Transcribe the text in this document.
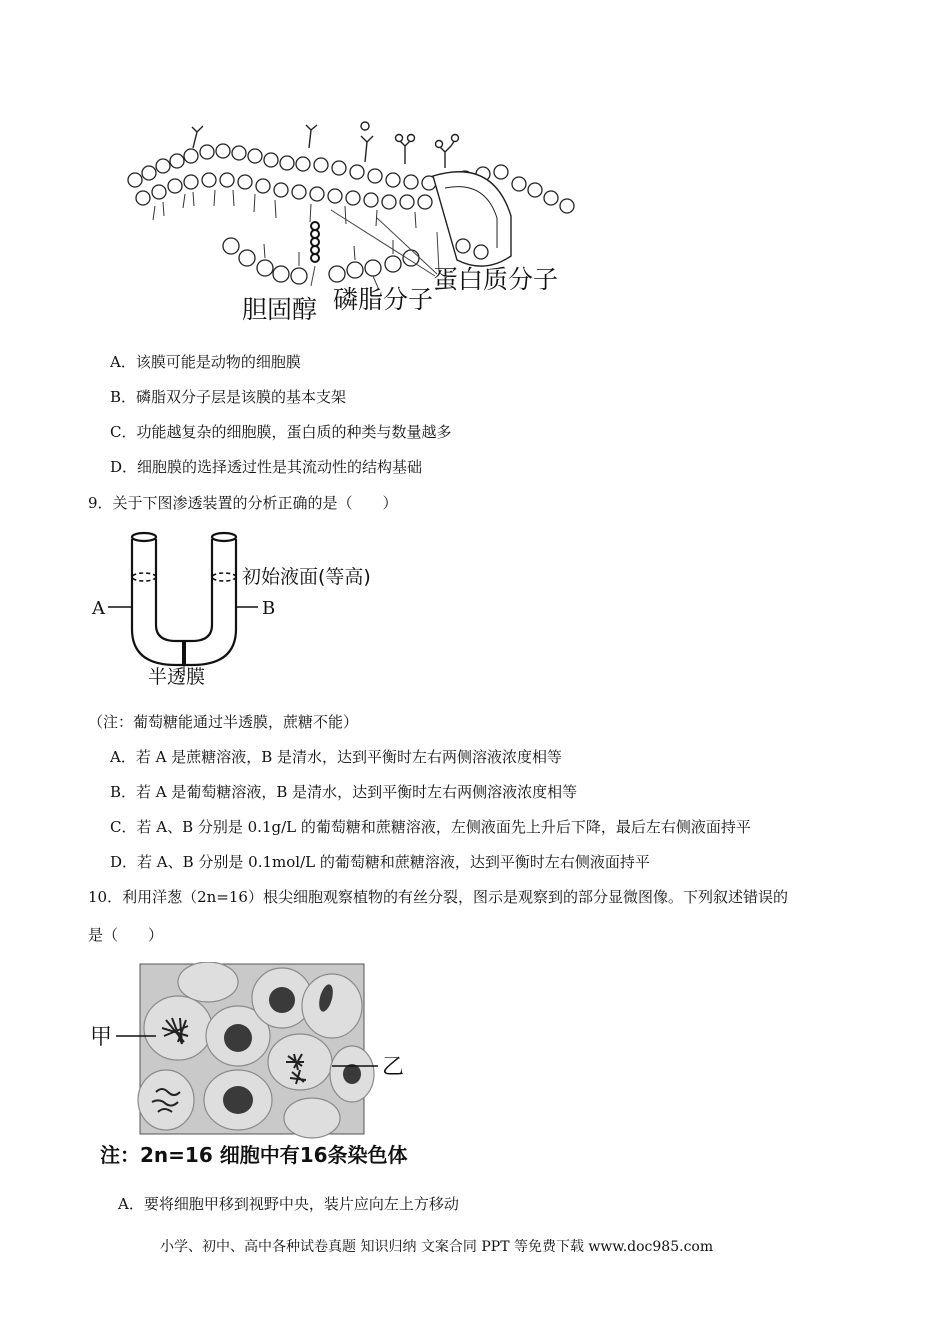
蛋白质分子
胆固醇 磷脂分子
A．该膜可能是动物的细胞膜
B．磷脂双分子层是该膜的基本支架
C．功能越复杂的细胞膜，蛋白质的种类与数量越多
D．细胞膜的选择透过性是其流动性的结构基础
9．关于下图渗透装置的分析正确的是（　　）
A	B
初始液面(等高)
半透膜
（注：葡萄糖能通过半透膜，蔗糖不能）
A．若 A 是蔗糖溶液，B 是清水，达到平衡时左右两侧溶液浓度相等
B．若 A 是葡萄糖溶液，B 是清水，达到平衡时左右两侧溶液浓度相等
C．若 A、B 分别是 0.1g/L 的葡萄糖和蔗糖溶液，左侧液面先上升后下降，最后左右侧液面持平
D．若 A、B 分别是 0.1mol/L 的葡萄糖和蔗糖溶液，达到平衡时左右侧液面持平
10．利用洋葱（2n=16）根尖细胞观察植物的有丝分裂，图示是观察到的部分显微图像。下列叙述错误的
是（　　）
甲
乙
注：2n=16 细胞中有16条染色体
A．要将细胞甲移到视野中央，装片应向左上方移动
小学、初中、高中各种试卷真题 知识归纳 文案合同 PPT 等免费下载 www.doc985.com
